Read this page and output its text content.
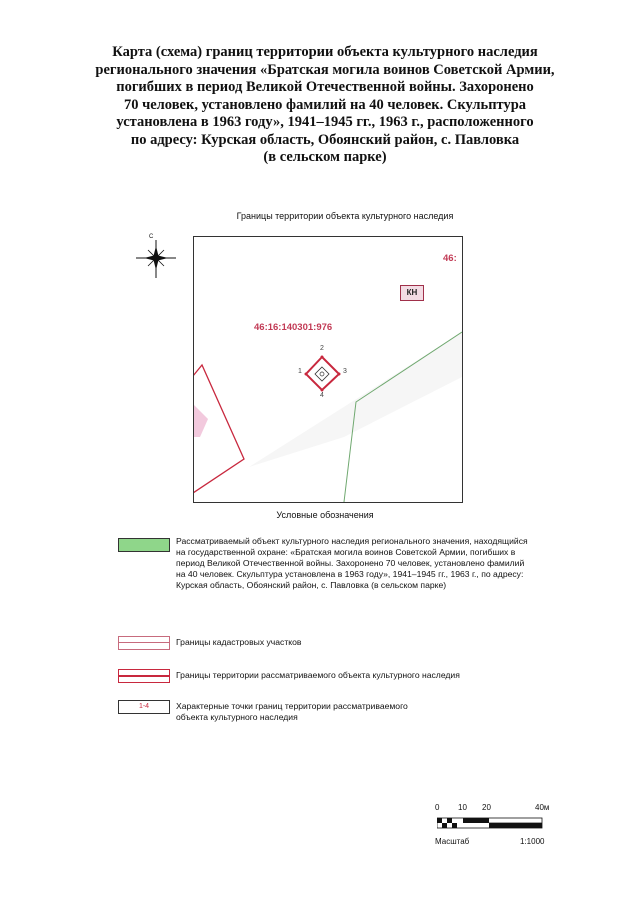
Карта (схема) границ территории объекта культурного наследия
регионального значения «Братская могила воинов Советской Армии,
погибших в период Великой Отечественной войны. Захоронено
70 человек, установлено фамилий на 40 человек. Скульптура
установлена в 1963 году», 1941–1945 гг., 1963 г., расположенного
по адресу: Курская область, Обоянский район, с. Павловка
(в сельском парке)
Границы территории объекта культурного наследия
С
46:16:140301:976
46:
КН
1
2
3
4
Условные обозначения
Рассматриваемый объект культурного наследия регионального значения, находящийся на государственной охране: «Братская могила воинов Советской Армии, погибших в период Великой Отечественной войны. Захоронено 70 человек, установлено фамилий на 40 человек. Скульптура установлена в 1963 году», 1941–1945 гг., 1963 г., по адресу: Курская область, Обоянский район, с. Павловка (в сельском парке)
Границы кадастровых участков
Границы территории рассматриваемого объекта культурного наследия
1-4	Характерные точки границ территории рассматриваемого объекта культурного наследия
0 10 20	40м
Масштаб	1:1000
